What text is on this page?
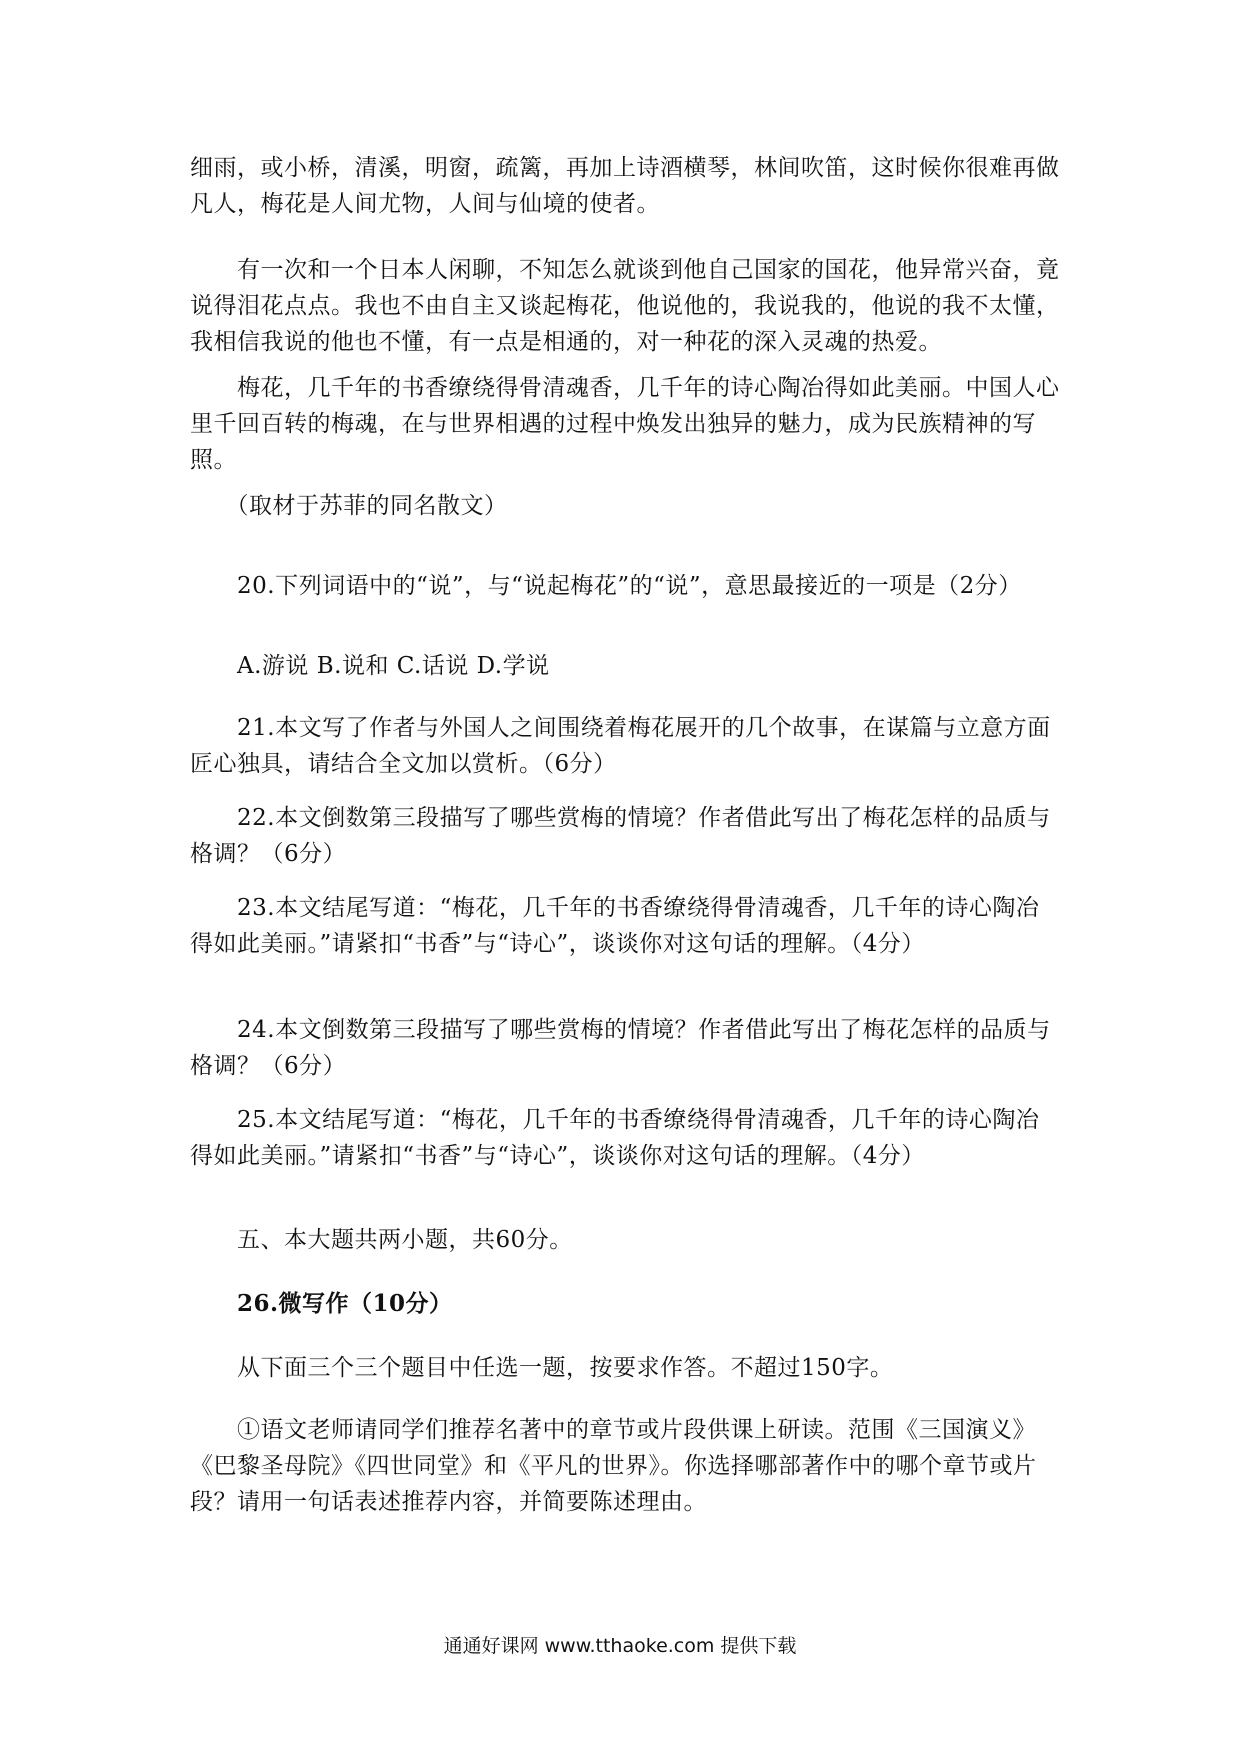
细雨，或小桥，清溪，明窗，疏篱，再加上诗酒横琴，林间吹笛，这时候你很难再做凡人，梅花是人间尤物，人间与仙境的使者。

　　有一次和一个日本人闲聊，不知怎么就谈到他自己国家的国花，他异常兴奋，竟说得泪花点点。我也不由自主又谈起梅花，他说他的，我说我的，他说的我不太懂，我相信我说的他也不懂，有一点是相通的，对一种花的深入灵魂的热爱。

　　梅花，几千年的书香缭绕得骨清魂香，几千年的诗心陶冶得如此美丽。中国人心里千回百转的梅魂，在与世界相遇的过程中焕发出独异的魅力，成为民族精神的写照。

　　（取材于苏菲的同名散文）

　　20.下列词语中的“说”，与“说起梅花”的“说”，意思最接近的一项是（2分）

　　A.游说 B.说和 C.话说 D.学说

　　21.本文写了作者与外国人之间围绕着梅花展开的几个故事，在谋篇与立意方面匠心独具，请结合全文加以赏析。（6分）

　　22.本文倒数第三段描写了哪些赏梅的情境？作者借此写出了梅花怎样的品质与格调？（6分）

　　23.本文结尾写道：“梅花，几千年的书香缭绕得骨清魂香，几千年的诗心陶冶得如此美丽。”请紧扣“书香”与“诗心”，谈谈你对这句话的理解。（4分）

　　24.本文倒数第三段描写了哪些赏梅的情境？作者借此写出了梅花怎样的品质与格调？（6分）

　　25.本文结尾写道：“梅花，几千年的书香缭绕得骨清魂香，几千年的诗心陶冶得如此美丽。”请紧扣“书香”与“诗心”，谈谈你对这句话的理解。（4分）

　　五、本大题共两小题，共60分。

　　26.微写作（10分）

　　从下面三个三个题目中任选一题，按要求作答。不超过150字。

　　①语文老师请同学们推荐名著中的章节或片段供课上研读。范围《三国演义》《巴黎圣母院》《四世同堂》和《平凡的世界》。你选择哪部著作中的哪个章节或片段？请用一句话表述推荐内容，并简要陈述理由。

通通好课网 www.tthaoke.com 提供下载
